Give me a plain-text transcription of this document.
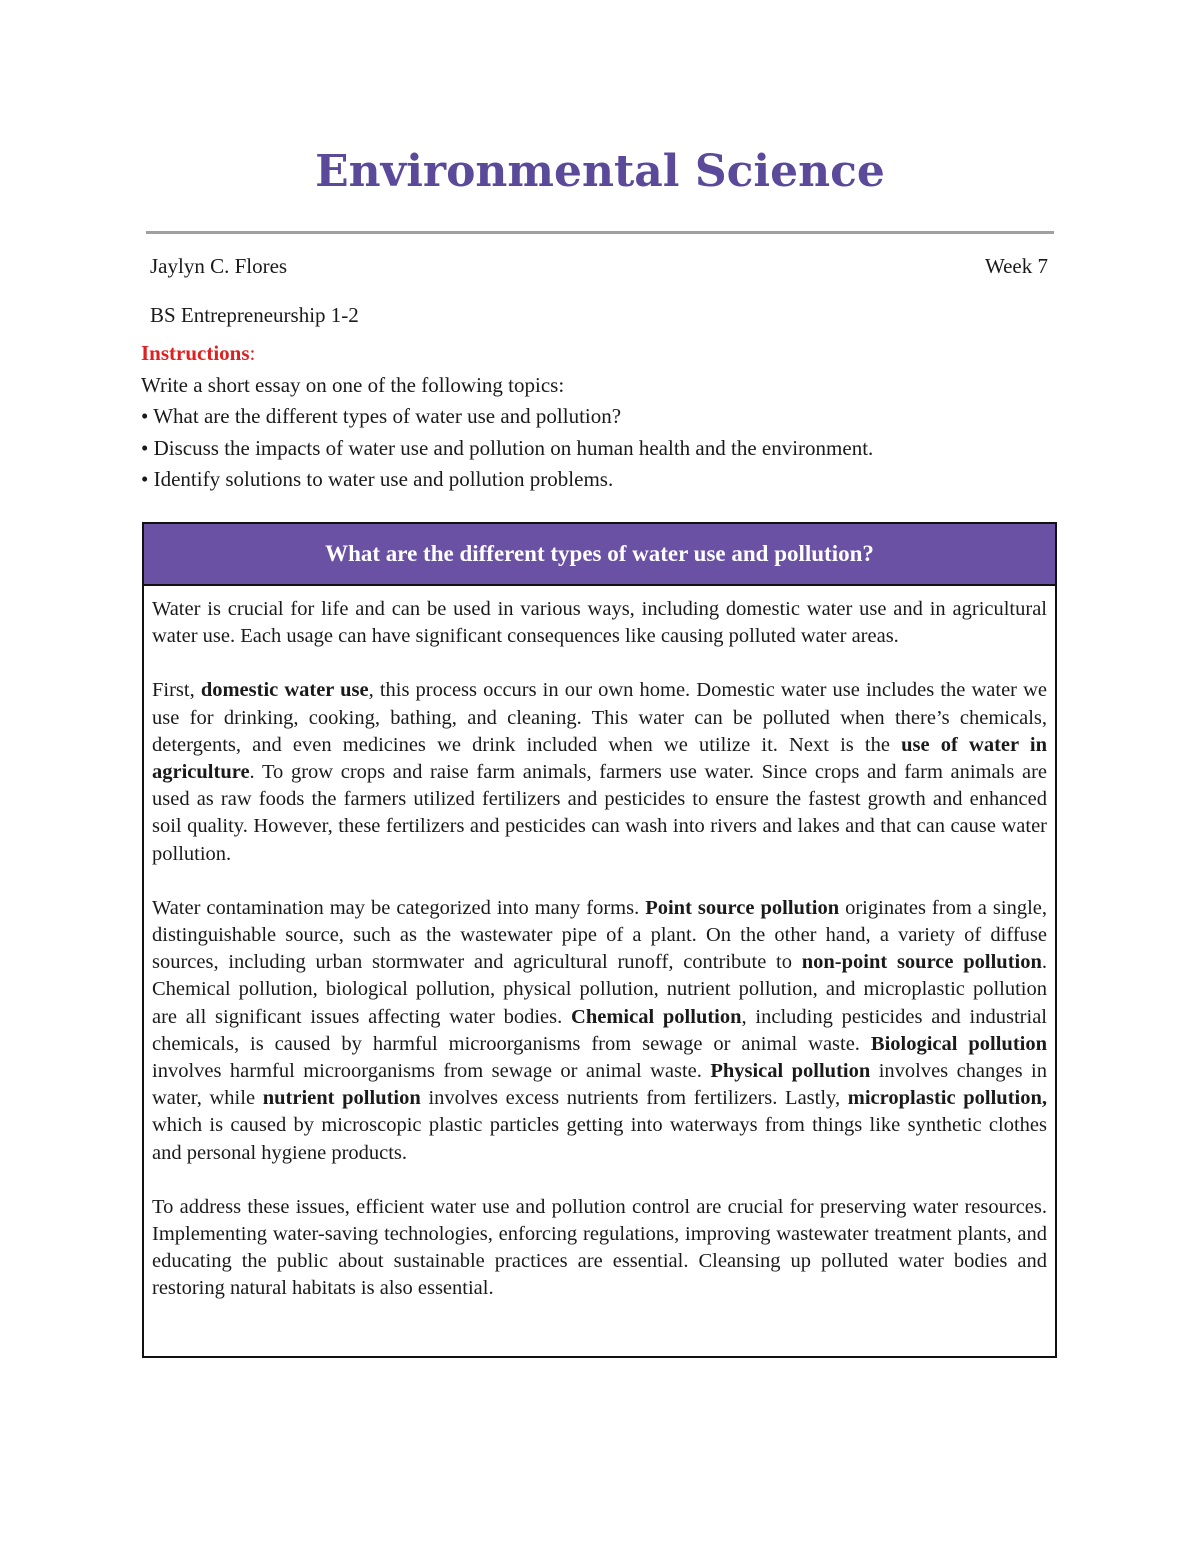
Environmental Science
Jaylyn C. Flores	Week 7
BS Entrepreneurship 1-2

Instructions:

Write a short essay on one of the following topics:

• What are the different types of water use and pollution?

• Discuss the impacts of water use and pollution on human health and the environment.

• Identify solutions to water use and pollution problems.

What are the different types of water use and pollution?

Water is crucial for life and can be used in various ways, including domestic water use and in agricultural water use. Each usage can have significant consequences like causing polluted water areas.

First, domestic water use, this process occurs in our own home. Domestic water use includes the water we use for drinking, cooking, bathing, and cleaning. This water can be polluted when there’s chemicals, detergents, and even medicines we drink included when we utilize it. Next is the use of water in agriculture. To grow crops and raise farm animals, farmers use water. Since crops and farm animals are used as raw foods the farmers utilized fertilizers and pesticides to ensure the fastest growth and enhanced soil quality. However, these fertilizers and pesticides can wash into rivers and lakes and that can cause water pollution.

Water contamination may be categorized into many forms. Point source pollution originates from a single, distinguishable source, such as the wastewater pipe of a plant. On the other hand, a variety of diffuse sources, including urban stormwater and agricultural runoff, contribute to non-point source pollution. Chemical pollution, biological pollution, physical pollution, nutrient pollution, and microplastic pollution are all significant issues affecting water bodies. Chemical pollution, including pesticides and industrial chemicals, is caused by harmful microorganisms from sewage or animal waste. Biological pollution involves harmful microorganisms from sewage or animal waste. Physical pollution involves changes in water, while nutrient pollution involves excess nutrients from fertilizers. Lastly, microplastic pollution, which is caused by microscopic plastic particles getting into waterways from things like synthetic clothes and personal hygiene products.

To address these issues, efficient water use and pollution control are crucial for preserving water resources. Implementing water-saving technologies, enforcing regulations, improving wastewater treatment plants, and educating the public about sustainable practices are essential. Cleansing up polluted water bodies and restoring natural habitats is also essential.
